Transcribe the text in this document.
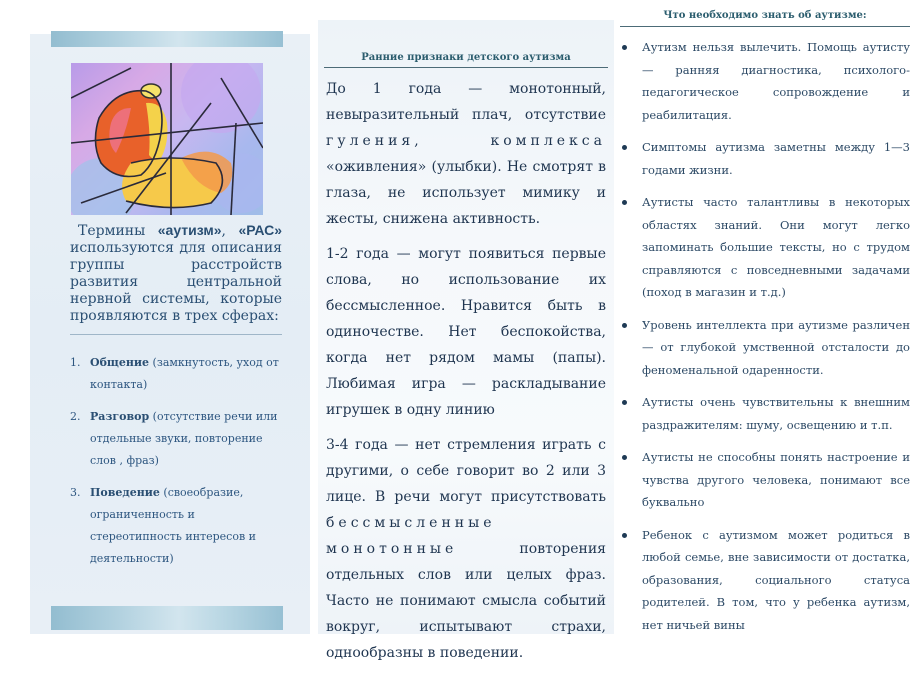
Термины «аутизм», «РАС» используются для описания группы расстройств развития центральной нервной системы, которые проявляются в трех сферах:
1. Общение (замкнутость, уход от контакта)
2. Разговор (отсутствие речи или отдельные звуки, повторение слов , фраз)
3. Поведение (своеобразие, ограниченность и стереотипность интересов и деятельности)
Ранние признаки детского аутизма

До 1 года — монотонный, невыразительный плач, отсутствие гуления, комплекса «оживления» (улыбки). Не смотрят в глаза, не использует мимику и жесты, снижена активность.

1-2 года — могут появиться первые слова, но использование их бессмысленное. Нравится быть в одиночестве. Нет беспокойства, когда нет рядом мамы (папы). Любимая игра — раскладывание игрушек в одну линию

3-4 года — нет стремления играть с другими, о себе говорит во 2 или 3 лице. В речи могут присутствовать бессмысленные монотонные повторения отдельных слов или целых фраз. Часто не понимают смысла событий вокруг, испытывают страхи, однообразны в поведении.

Что необходимо знать об аутизме:
Аутизм нельзя вылечить. Помощь аутисту — ранняя диагностика, психолого-педагогическое сопровождение и реабилитация.
Симптомы аутизма заметны между 1—3 годами жизни.
Аутисты часто талантливы в некоторых областях знаний. Они могут легко запоминать большие тексты, но с трудом справляются с повседневными задачами (поход в магазин и т.д.)
Уровень интеллекта при аутизме различен — от глубокой умственной отсталости до феноменальной одаренности.
Аутисты очень чувствительны к внешним раздражителям: шуму, освещению и т.п.
Аутисты не способны понять настроение и чувства другого человека, понимают все буквально
Ребенок с аутизмом может родиться в любой семье, вне зависимости от достатка, образования, социального статуса родителей. В том, что у ребенка аутизм, нет ничьей вины
